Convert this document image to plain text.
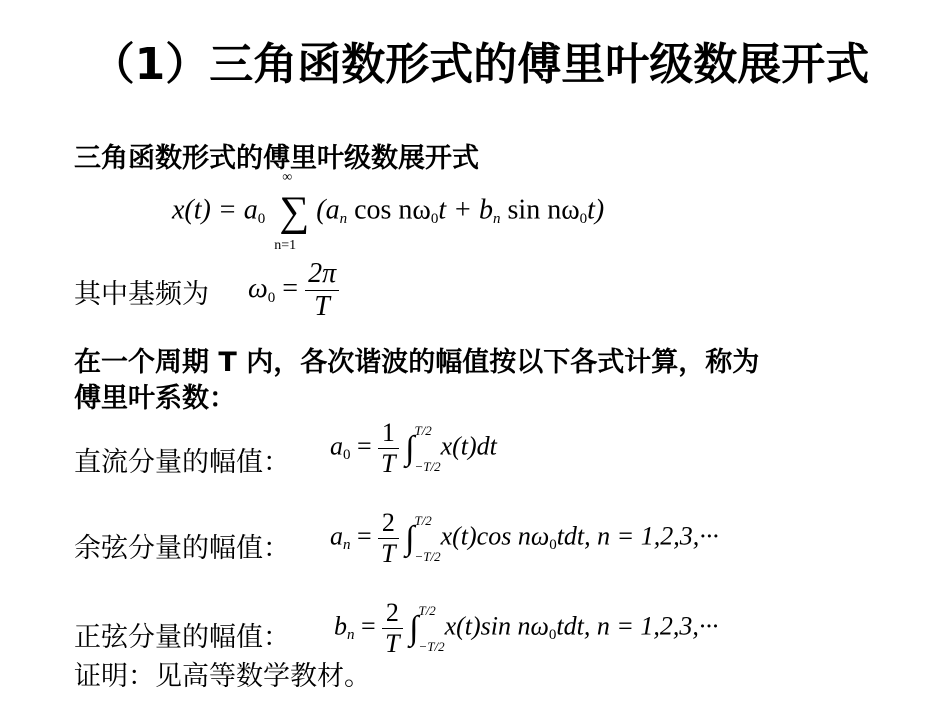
（1）三角函数形式的傅里叶级数展开式
三角函数形式的傅里叶级数展开式
x(t) = a0 ∑
∞
n=1
(an cos nω0t + bn sin nω0t)
其中基频为 $\omega 0 = \frac{2\pi}{T}$
在一个周期 T 内，各次谐波的幅值按以下各式计算，称为
傅里叶系数：
直流分量的幅值：
$a0 = \frac{1}{T}$ ∫ T/2
−T/2
x(t)dt
余弦分量的幅值： an = $\frac{2}{T}$ ∫ T/2
−T/2
x(t)cos nω0tdt, n = 1,2,3,···
正弦分量的幅值： bn = $\frac{2}{T}$ ∫ T/2
−T/2
x(t)sin nω0tdt, n = 1,2,3,···
证明：见高等数学教材。
